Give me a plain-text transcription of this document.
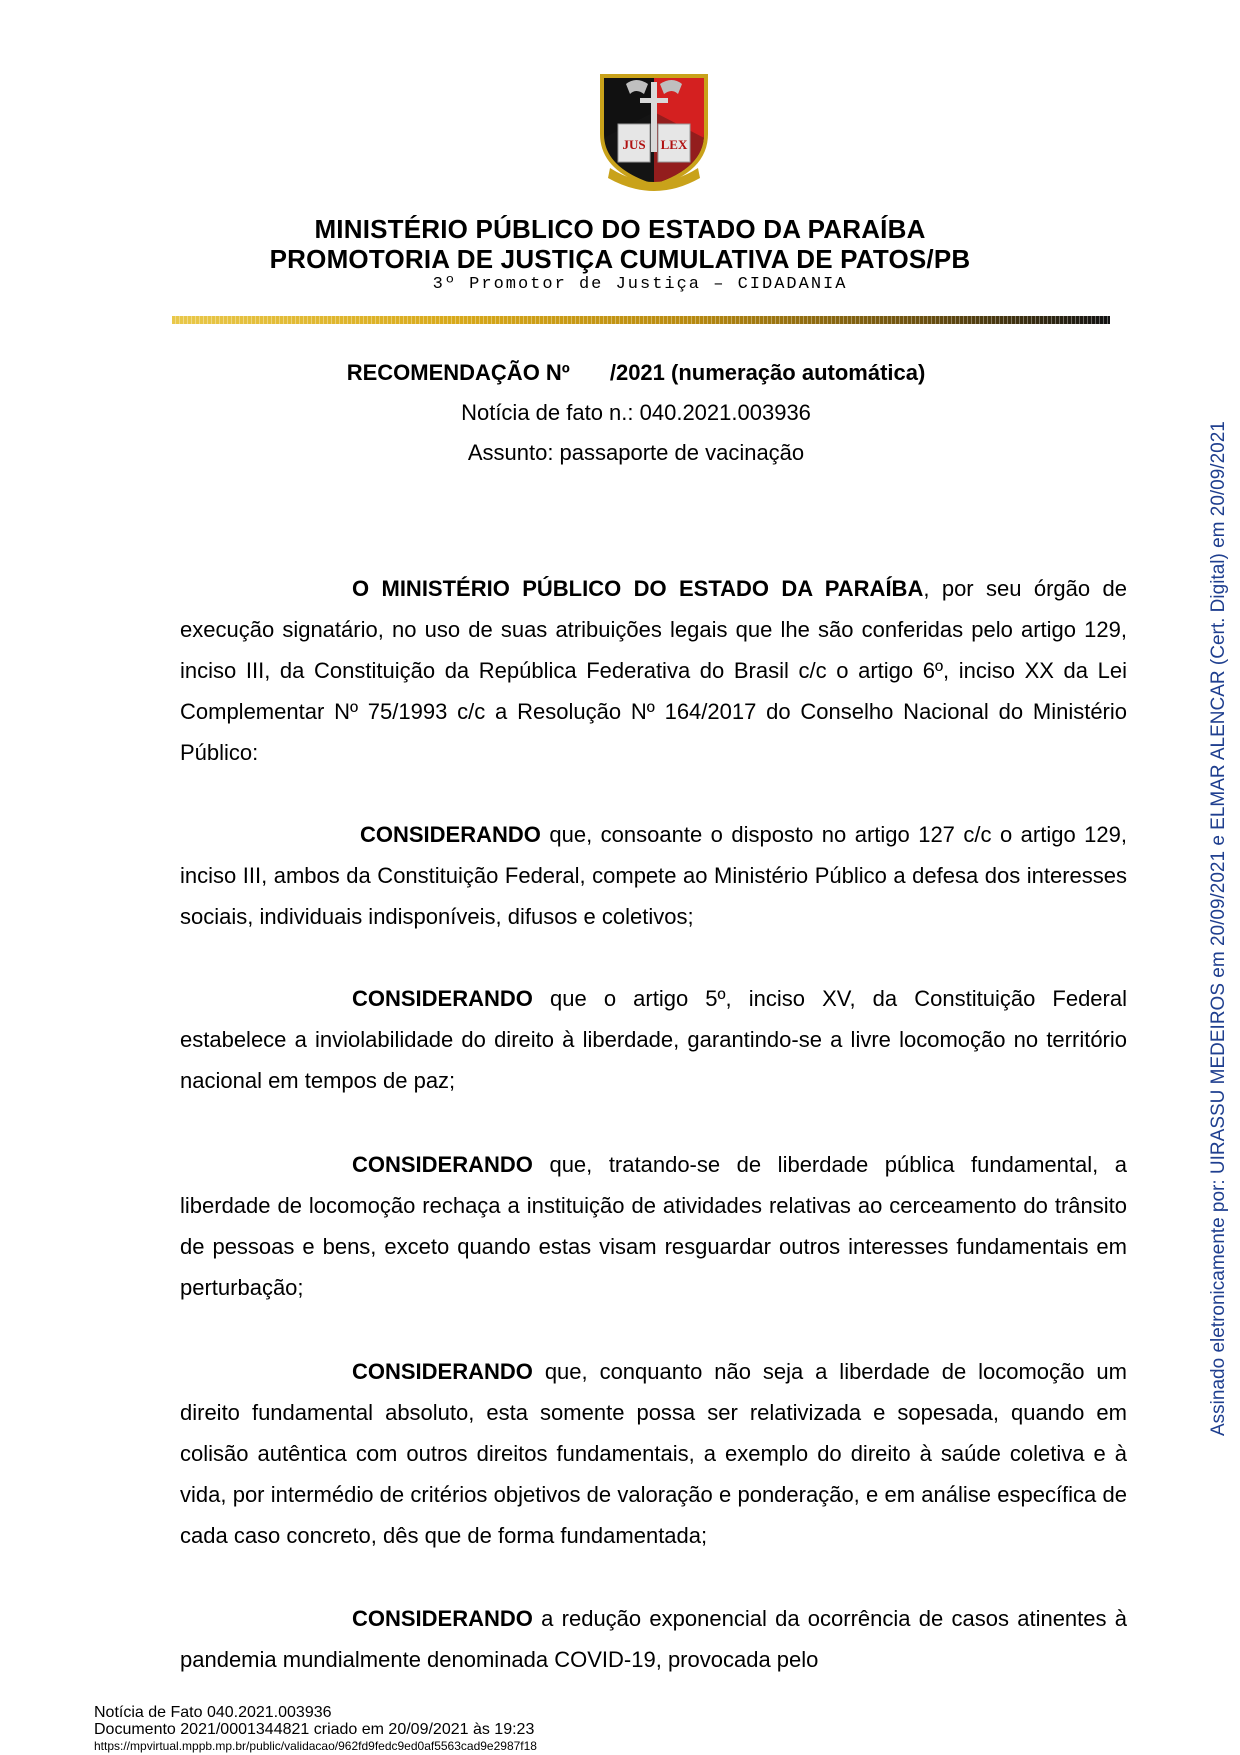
JUS LEX
MINISTÉRIO PÚBLICO DO ESTADO DA PARAÍBA
PROMOTORIA DE JUSTIÇA CUMULATIVA DE PATOS/PB
3º Promotor de Justiça – CIDADANIA
RECOMENDAÇÃO Nº /2021 (numeração automática)
Notícia de fato n.: 040.2021.003936
Assunto: passaporte de vacinação

O MINISTÉRIO PÚBLICO DO ESTADO DA PARAÍBA, por seu órgão de execução signatário, no uso de suas atribuições legais que lhe são conferidas pelo artigo 129, inciso III, da Constituição da República Federativa do Brasil c/c o artigo 6º, inciso XX da Lei Complementar Nº 75/1993 c/c a Resolução Nº 164/2017 do Conselho Nacional do Ministério Público:

CONSIDERANDO que, consoante o disposto no artigo 127 c/c o artigo 129, inciso III, ambos da Constituição Federal, compete ao Ministério Público a defesa dos interesses sociais, individuais indisponíveis, difusos e coletivos;

CONSIDERANDO que o artigo 5º, inciso XV, da Constituição Federal estabelece a inviolabilidade do direito à liberdade, garantindo-se a livre locomoção no território nacional em tempos de paz;

CONSIDERANDO que, tratando-se de liberdade pública fundamental, a liberdade de locomoção rechaça a instituição de atividades relativas ao cerceamento do trânsito de pessoas e bens, exceto quando estas visam resguardar outros interesses fundamentais em perturbação;

CONSIDERANDO que, conquanto não seja a liberdade de locomoção um direito fundamental absoluto, esta somente possa ser relativizada e sopesada, quando em colisão autêntica com outros direitos fundamentais, a exemplo do direito à saúde coletiva e à vida, por intermédio de critérios objetivos de valoração e ponderação, e em análise específica de cada caso concreto, dês que de forma fundamentada;

CONSIDERANDO a redução exponencial da ocorrência de casos atinentes à pandemia mundialmente denominada COVID-19, provocada pelo

Assinado eletronicamente por: UIRASSU MEDEIROS em 20/09/2021 e ELMAR ALENCAR (Cert. Digital) em 20/09/2021
Notícia de Fato 040.2021.003936
Documento 2021/0001344821 criado em 20/09/2021 às 19:23
https://mpvirtual.mppb.mp.br/public/validacao/962fd9fedc9ed0af5563cad9e2987f18
